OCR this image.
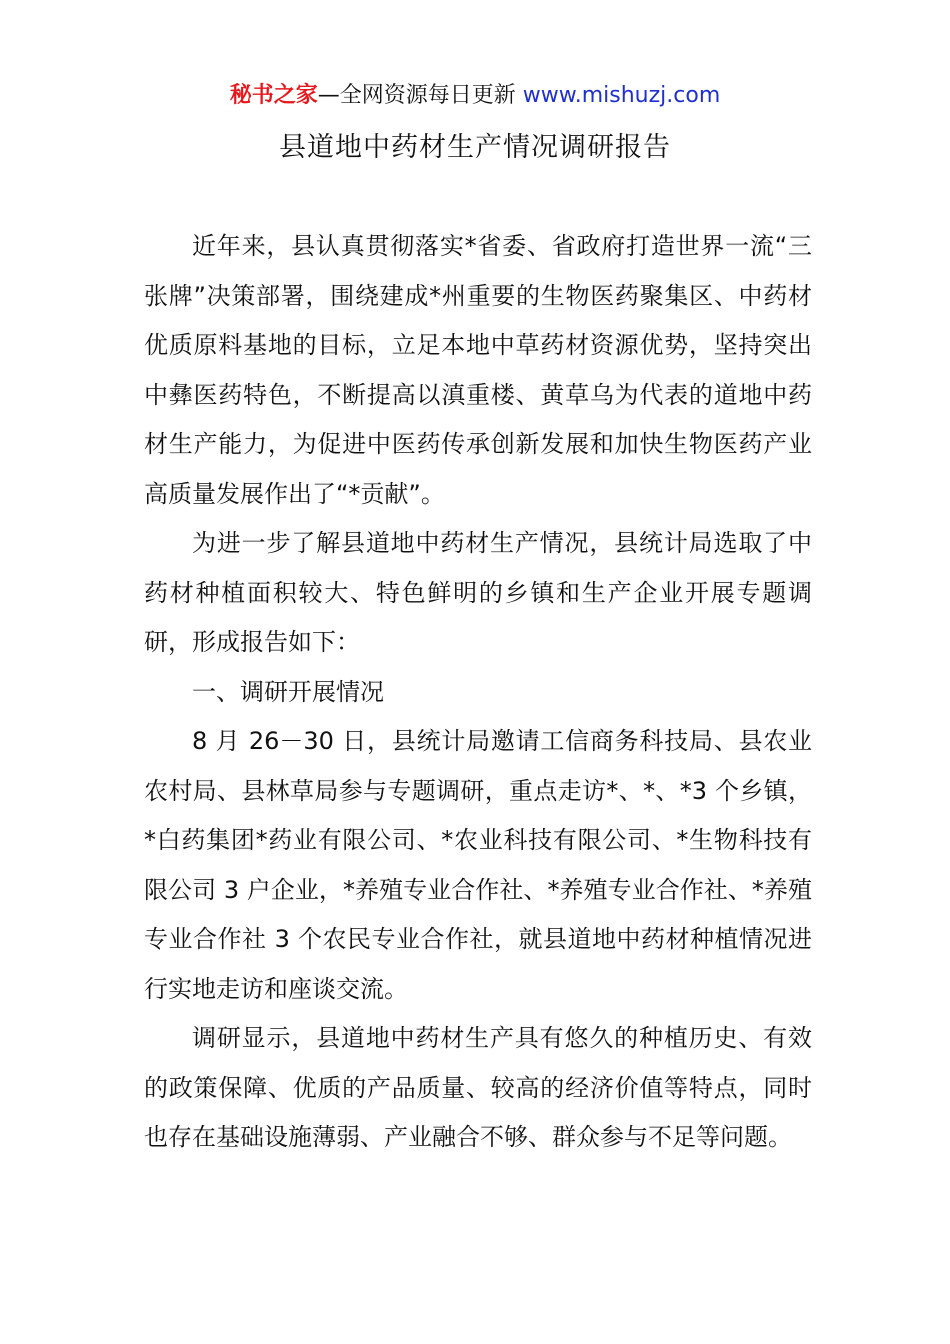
秘书之家—全网资源每日更新 www.mishuzj.com
县道地中药材生产情况调研报告

近年来，县认真贯彻落实*省委、省政府打造世界一流“三张牌”决策部署，围绕建成*州重要的生物医药聚集区、中药材优质原料基地的目标，立足本地中草药材资源优势，坚持突出中彝医药特色，不断提高以滇重楼、黄草乌为代表的道地中药材生产能力，为促进中医药传承创新发展和加快生物医药产业高质量发展作出了“*贡献”。

为进一步了解县道地中药材生产情况，县统计局选取了中药材种植面积较大、特色鲜明的乡镇和生产企业开展专题调研，形成报告如下：

一、调研开展情况

8 月 26－30 日，县统计局邀请工信商务科技局、县农业农村局、县林草局参与专题调研，重点走访*、*、*3 个乡镇，*白药集团*药业有限公司、*农业科技有限公司、*生物科技有限公司 3 户企业，*养殖专业合作社、*养殖专业合作社、*养殖专业合作社 3 个农民专业合作社，就县道地中药材种植情况进行实地走访和座谈交流。

调研显示，县道地中药材生产具有悠久的种植历史、有效的政策保障、优质的产品质量、较高的经济价值等特点，同时也存在基础设施薄弱、产业融合不够、群众参与不足等问题。
